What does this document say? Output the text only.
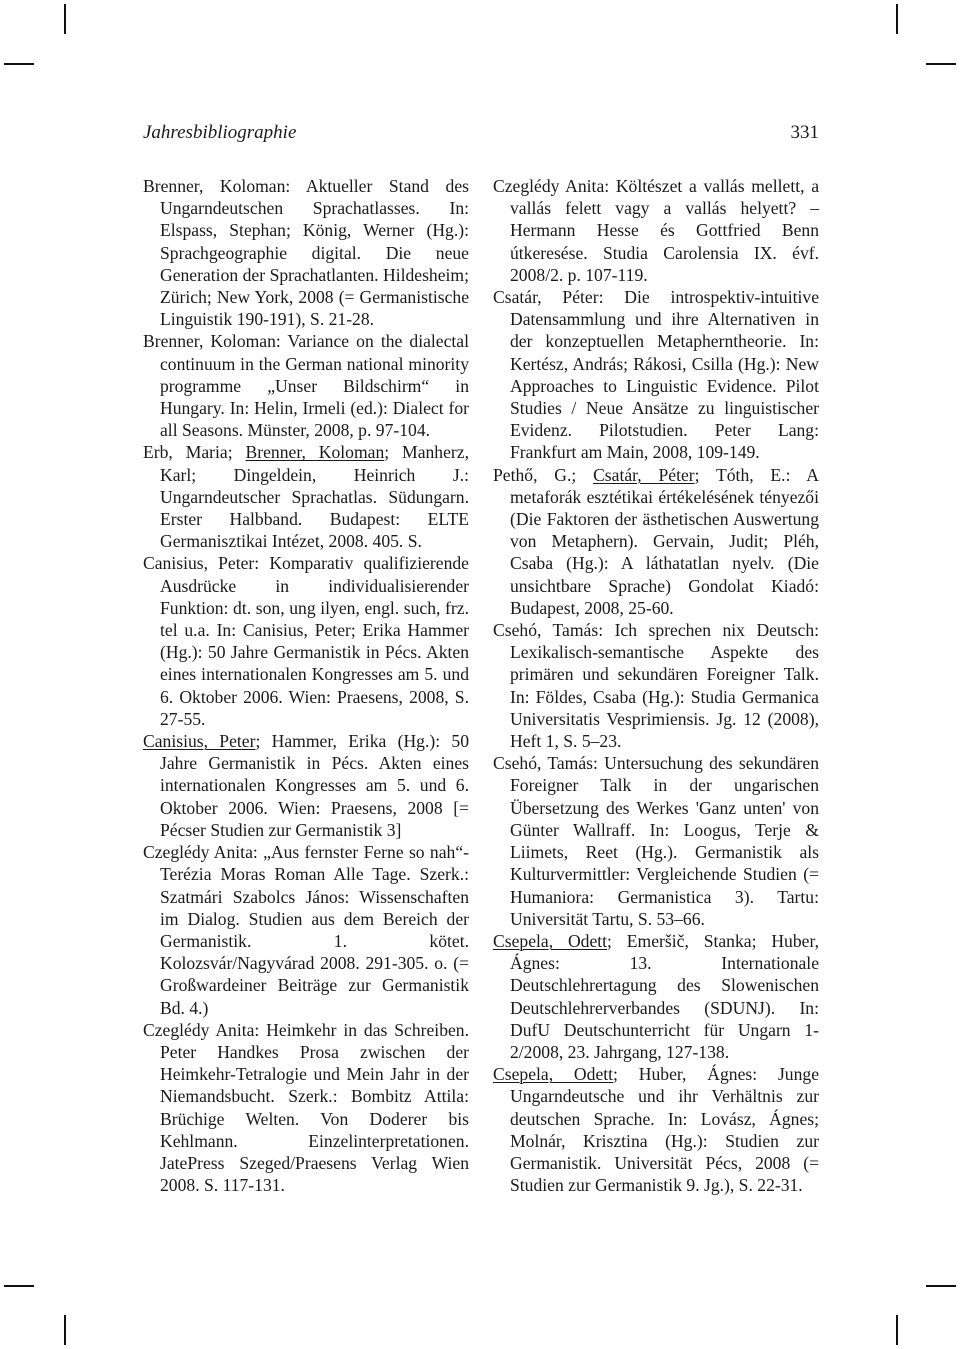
Jahresbibliographie	331

Brenner, Koloman: Aktueller Stand des Ungarndeutschen Sprachatlasses. In: Elspass, Stephan; König, Werner (Hg.): Sprachgeographie digital. Die neue Generation der Sprachatlanten. Hildesheim; Zürich; New York, 2008 (= Germanistische Linguistik 190-191), S. 21-28.

Brenner, Koloman: Variance on the dialectal continuum in the German national minority programme „Unser Bildschirm“ in Hungary. In: Helin, Irmeli (ed.): Dialect for all Seasons. Münster, 2008, p. 97-104.

Erb, Maria; Brenner, Koloman; Manherz, Karl; Dingeldein, Heinrich J.: Ungarndeutscher Sprachatlas. Südungarn. Erster Halbband. Budapest: ELTE Germanisztikai Intézet, 2008. 405. S.

Canisius, Peter: Komparativ qualifizierende Ausdrücke in individualisierender Funktion: dt. son, ung ilyen, engl. such, frz. tel u.a. In: Canisius, Peter; Erika Hammer (Hg.): 50 Jahre Germanistik in Pécs. Akten eines internationalen Kongresses am 5. und 6. Oktober 2006. Wien: Praesens, 2008, S. 27-55.

Canisius, Peter; Hammer, Erika (Hg.): 50 Jahre Germanistik in Pécs. Akten eines internationalen Kongresses am 5. und 6. Oktober 2006. Wien: Praesens, 2008 [= Pécser Studien zur Germanistik 3]

Czeglédy Anita: „Aus fernster Ferne so nah“- Terézia Moras Roman Alle Tage. Szerk.: Szatmári Szabolcs János: Wissenschaften im Dialog. Studien aus dem Bereich der Germanistik. 1. kötet. Kolozsvár/Nagyvárad 2008. 291-305. o. (= Großwardeiner Beiträge zur Germanistik Bd. 4.)

Czeglédy Anita: Heimkehr in das Schreiben. Peter Handkes Prosa zwischen der Heimkehr-Tetralogie und Mein Jahr in der Niemandsbucht. Szerk.: Bombitz Attila: Brüchige Welten. Von Doderer bis Kehlmann. Einzelinterpretationen. JatePress Szeged/Praesens Verlag Wien 2008. S. 117-131.

Czeglédy Anita: Költészet a vallás mellett, a vallás felett vagy a vallás helyett? – Hermann Hesse és Gottfried Benn útkeresése. Studia Carolensia IX. évf. 2008/2. p. 107-119.

Csatár, Péter: Die introspektiv-intuitive Datensammlung und ihre Alternativen in der konzeptuellen Metapherntheorie. In: Kertész, András; Rákosi, Csilla (Hg.): New Approaches to Linguistic Evidence. Pilot Studies / Neue Ansätze zu linguistischer Evidenz. Pilotstudien. Peter Lang: Frankfurt am Main, 2008, 109-149.

Pethő, G.; Csatár, Péter; Tóth, E.: A metaforák esztétikai értékelésének tényezői (Die Faktoren der ästhetischen Auswertung von Metaphern). Gervain, Judit; Pléh, Csaba (Hg.): A láthatatlan nyelv. (Die unsichtbare Sprache) Gondolat Kiadó: Budapest, 2008, 25-60.

Csehó, Tamás: Ich sprechen nix Deutsch: Lexikalisch-semantische Aspekte des primären und sekundären Foreigner Talk. In: Földes, Csaba (Hg.): Studia Germanica Universitatis Vesprimiensis. Jg. 12 (2008), Heft 1, S. 5–23.

Csehó, Tamás: Untersuchung des sekundären Foreigner Talk in der ungarischen Übersetzung des Werkes 'Ganz unten' von Günter Wallraff. In: Loogus, Terje & Liimets, Reet (Hg.). Germanistik als Kulturvermittler: Vergleichende Studien (= Humaniora: Germanistica 3). Tartu: Universität Tartu, S. 53–66.

Csepela, Odett; Emeršič, Stanka; Huber, Ágnes: 13. Internationale Deutschlehrertagung des Slowenischen Deutschlehrerverbandes (SDUNJ). In: DufU Deutschunterricht für Ungarn 1-2/2008, 23. Jahrgang, 127-138.

Csepela, Odett; Huber, Ágnes: Junge Ungarndeutsche und ihr Verhältnis zur deutschen Sprache. In: Lovász, Ágnes; Molnár, Krisztina (Hg.): Studien zur Germanistik. Universität Pécs, 2008 (= Studien zur Germanistik 9. Jg.), S. 22-31.
